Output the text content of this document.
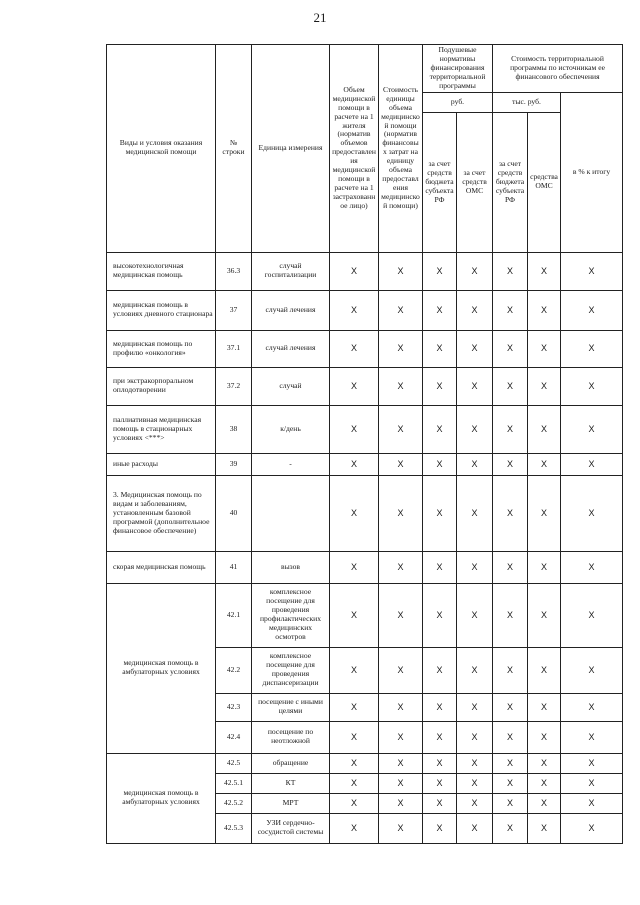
21
Виды и условия оказания медицинской помощи	№ строки	Единица измерения	Объем медицинской помощи в расчете на 1 жителя (норматив объемов предоставления медицинской помощи в расчете на 1 застрахованное лицо)	Стоимость единицы объема медицинской помощи (норматив финансовых затрат на единицу объема предоставления медицинской помощи)	Подушевые нормативы финансирования территориальной программы		Стоимость территориальной программы по источникам ее финансового обеспечения		
					руб.		тыс. руб.		в % к итогу
					за счет средств бюджета субъекта РФ	за счет средств ОМС	за счет средств бюджета субъекта РФ	средства ОМС	
высокотехнологичная медицинская помощь	36.3	случай госпитализации	X	X	X	X	X	X	X
медицинская помощь в условиях дневного стационара	37	случай лечения	X	X	X	X	X	X	X
медицинская помощь по профилю «онкология»	37.1	случай лечения	X	X	X	X	X	X	X
при экстракорпоральном оплодотворении	37.2	случай	X	X	X	X	X	X	X
паллиативная медицинская помощь в стационарных условиях <***>	38	к/день	X	X	X	X	X	X	X
иные расходы	39	-	X	X	X	X	X	X	X
3. Медицинская помощь по видам и заболеваниям, установленным базовой программой (дополнительное финансовое обеспечение)	40		X	X	X	X	X	X	X
скорая медицинская помощь	41	вызов	X	X	X	X	X	X	X
медицинская помощь в амбулаторных условиях	42.1	комплексное посещение для проведения профилактических медицинских осмотров	X	X	X	X	X	X	X
	42.2	комплексное посещение для проведения диспансеризации	X	X	X	X	X	X	X
	42.3	посещение с иными целями	X	X	X	X	X	X	X
	42.4	посещение по неотложной	X	X	X	X	X	X	X
медицинская помощь в амбулаторных условиях	42.5	обращение	X	X	X	X	X	X	X
	42.5.1	КТ	X	X	X	X	X	X	X
	42.5.2	МРТ	X	X	X	X	X	X	X
	42.5.3	УЗИ сердечно-сосудистой системы	X	X	X	X	X	X	X
